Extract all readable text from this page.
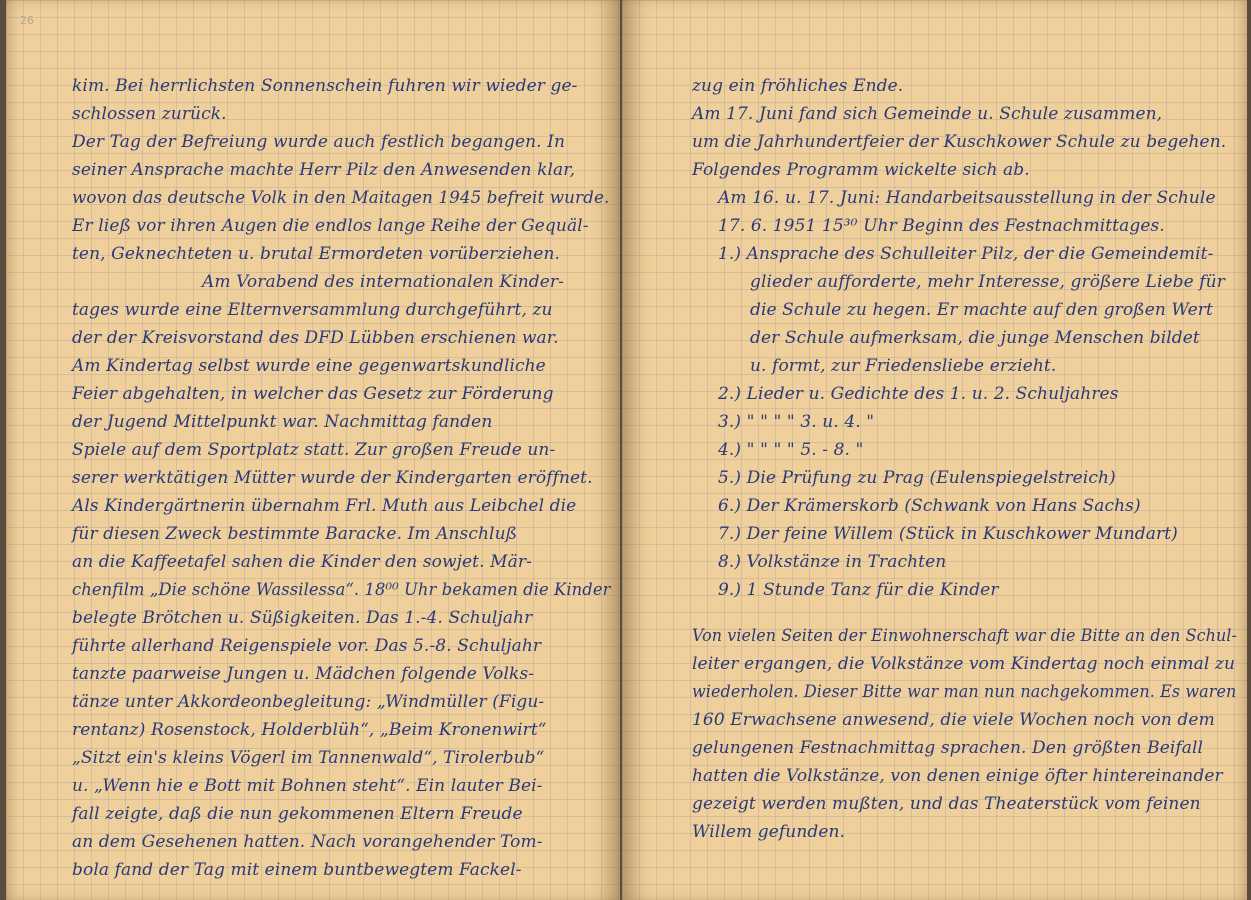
26
kim. Bei herrlichsten Sonnenschein fuhren wir wieder ge-
schlossen zurück.
Der Tag der Befreiung wurde auch festlich begangen. In
seiner Ansprache machte Herr Pilz den Anwesenden klar,
wovon das deutsche Volk in den Maitagen 1945 befreit wurde.
Er ließ vor ihren Augen die endlos lange Reihe der Gequäl-
ten, Geknechteten u. brutal Ermordeten vorüberziehen.
Am Vorabend des internationalen Kinder-
tages wurde eine Elternversammlung durchgeführt, zu
der der Kreisvorstand des DFD Lübben erschienen war.
Am Kindertag selbst wurde eine gegenwartskundliche
Feier abgehalten, in welcher das Gesetz zur Förderung
der Jugend Mittelpunkt war. Nachmittag fanden
Spiele auf dem Sportplatz statt. Zur großen Freude un-
serer werktätigen Mütter wurde der Kindergarten eröffnet.
Als Kindergärtnerin übernahm Frl. Muth aus Leibchel die
für diesen Zweck bestimmte Baracke. Im Anschluß
an die Kaffeetafel sahen die Kinder den sowjet. Mär-
chenfilm „Die schöne Wassilessa“. 18⁰⁰ Uhr bekamen die Kinder
belegte Brötchen u. Süßigkeiten. Das 1.-4. Schuljahr
führte allerhand Reigenspiele vor. Das 5.-8. Schuljahr
tanzte paarweise Jungen u. Mädchen folgende Volks-
tänze unter Akkordeonbegleitung: „Windmüller (Figu-
rentanz) Rosenstock, Holderblüh“, „Beim Kronenwirt“
„Sitzt ein's kleins Vögerl im Tannenwald“, Tirolerbub“
u. „Wenn hie e Bott mit Bohnen steht“. Ein lauter Bei-
fall zeigte, daß die nun gekommenen Eltern Freude
an dem Gesehenen hatten. Nach vorangehender Tom-
bola fand der Tag mit einem buntbewegtem Fackel-
zug ein fröhliches Ende.
Am 17. Juni fand sich Gemeinde u. Schule zusammen,
um die Jahrhundertfeier der Kuschkower Schule zu begehen.
Folgendes Programm wickelte sich ab.
Am 16. u. 17. Juni: Handarbeitsausstellung in der Schule
17. 6. 1951 15³⁰ Uhr Beginn des Festnachmittages.
1.) Ansprache des Schulleiter Pilz, der die Gemeindemit-
glieder aufforderte, mehr Interesse, größere Liebe für
die Schule zu hegen. Er machte auf den großen Wert
der Schule aufmerksam, die junge Menschen bildet
u. formt, zur Friedensliebe erzieht.
2.) Lieder u. Gedichte des 1. u. 2. Schuljahres
3.) " " " " 3. u. 4. "
4.) " " " " 5. - 8. "
5.) Die Prüfung zu Prag (Eulenspiegelstreich)
6.) Der Krämerskorb (Schwank von Hans Sachs)
7.) Der feine Willem (Stück in Kuschkower Mundart)
8.) Volkstänze in Trachten
9.) 1 Stunde Tanz für die Kinder
Von vielen Seiten der Einwohnerschaft war die Bitte an den Schul-
leiter ergangen, die Volkstänze vom Kindertag noch einmal zu
wiederholen. Dieser Bitte war man nun nachgekommen. Es waren
160 Erwachsene anwesend, die viele Wochen noch von dem
gelungenen Festnachmittag sprachen. Den größten Beifall
hatten die Volkstänze, von denen einige öfter hintereinander
gezeigt werden mußten, und das Theaterstück vom feinen
Willem gefunden.
